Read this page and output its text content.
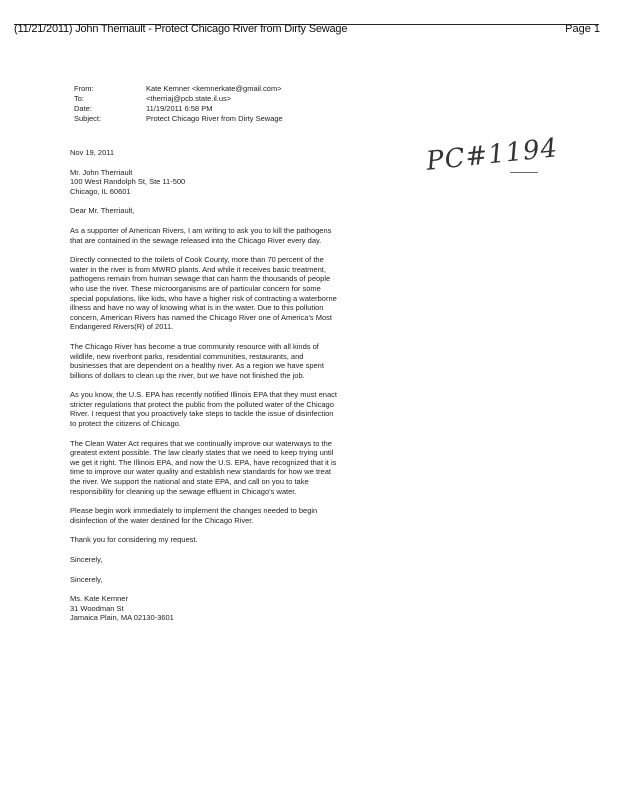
(11/21/2011) John Therriault - Protect Chicago River from Dirty Sewage	Page 1
From:	Kate Kemner <kemnerkate@gmail.com>
To:	<therriaj@pcb.state.il.us>
Date:	11/19/2011 6:58 PM
Subject:	Protect Chicago River from Dirty Sewage
PC#1194

Nov 19, 2011

Mr. John Therriault
100 West Randolph St, Ste 11-500
Chicago, IL 60601

Dear Mr. Therriault,

As a supporter of American Rivers, I am writing to ask you to kill the pathogens that are contained in the sewage released into the Chicago River every day.

Directly connected to the toilets of Cook County, more than 70 percent of the water in the river is from MWRD plants. And while it receives basic treatment, pathogens remain from human sewage that can harm the thousands of people who use the river. These microorganisms are of particular concern for some special populations, like kids, who have a higher risk of contracting a waterborne illness and have no way of knowing what is in the water. Due to this pollution concern, American Rivers has named the Chicago River one of America's Most Endangered Rivers(R) of 2011.

The Chicago River has become a true community resource with all kinds of wildlife, new riverfront parks, residential communities, restaurants, and businesses that are dependent on a healthy river. As a region we have spent billions of dollars to clean up the river, but we have not finished the job.

As you know, the U.S. EPA has recently notified Illinois EPA that they must enact stricter regulations that protect the public from the polluted water of the Chicago River. I request that you proactively take steps to tackle the issue of disinfection to protect the citizens of Chicago.

The Clean Water Act requires that we continually improve our waterways to the greatest extent possible. The law clearly states that we need to keep trying until we get it right. The Illinois EPA, and now the U.S. EPA, have recognized that it is time to improve our water quality and establish new standards for how we treat the river. We support the national and state EPA, and call on you to take responsibility for cleaning up the sewage effluent in Chicago's water.

Please begin work immediately to implement the changes needed to begin disinfection of the water destined for the Chicago River.

Thank you for considering my request.

Sincerely,

Sincerely,

Ms. Kate Kemner
31 Woodman St
Jamaica Plain, MA 02130-3601
